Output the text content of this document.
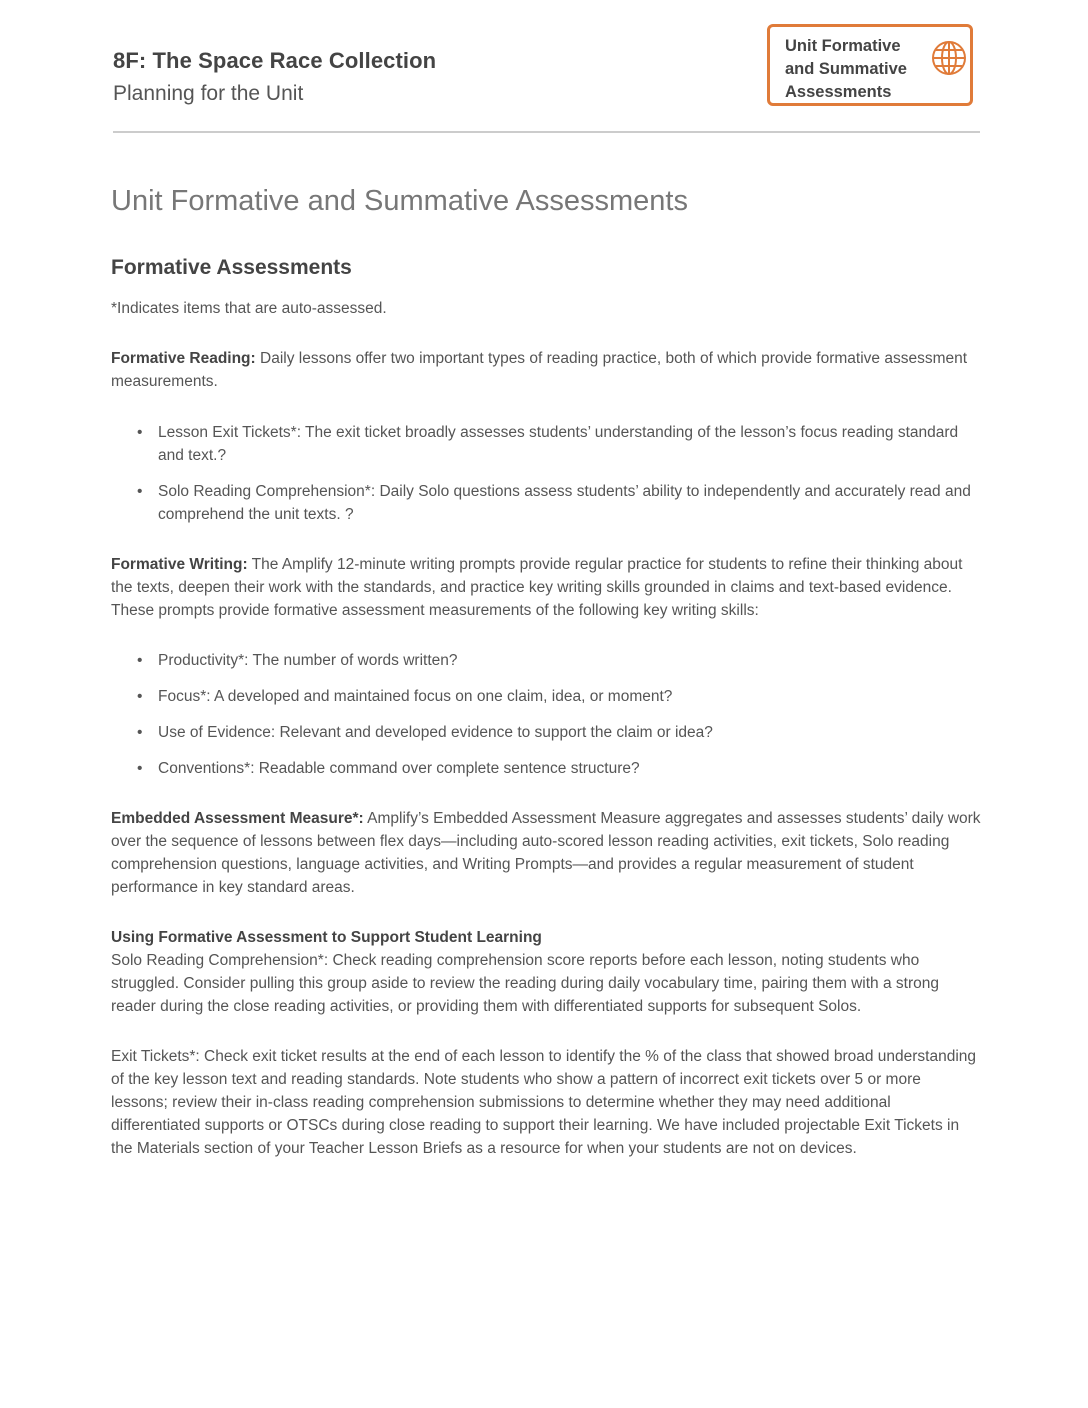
8F: The Space Race Collection
Planning for the Unit
Unit Formative and Summative Assessments
Unit Formative and Summative Assessments
Formative Assessments

*Indicates items that are auto-assessed.

Formative Reading: Daily lessons offer two important types of reading practice, both of which provide formative assessment measurements.

• Lesson Exit Tickets*: The exit ticket broadly assesses students’ understanding of the lesson’s focus reading standard and text.?
• Solo Reading Comprehension*: Daily Solo questions assess students’ ability to independently and accurately read and comprehend the unit texts. ?

Formative Writing: The Amplify 12-minute writing prompts provide regular practice for students to refine their thinking about the texts, deepen their work with the standards, and practice key writing skills grounded in claims and text-based evidence. These prompts provide formative assessment measurements of the following key writing skills:

• Productivity*: The number of words written?
• Focus*: A developed and maintained focus on one claim, idea, or moment?
• Use of Evidence: Relevant and developed evidence to support the claim or idea?
• Conventions*: Readable command over complete sentence structure?

Embedded Assessment Measure*: Amplify’s Embedded Assessment Measure aggregates and assesses students’ daily work over the sequence of lessons between flex days—including auto-scored lesson reading activities, exit tickets, Solo reading comprehension questions, language activities, and Writing Prompts—and provides a regular measurement of student performance in key standard areas.

Using Formative Assessment to Support Student Learning
Solo Reading Comprehension*: Check reading comprehension score reports before each lesson, noting students who struggled. Consider pulling this group aside to review the reading during daily vocabulary time, pairing them with a strong reader during the close reading activities, or providing them with differentiated supports for subsequent Solos.

Exit Tickets*: Check exit ticket results at the end of each lesson to identify the % of the class that showed broad understanding of the key lesson text and reading standards. Note students who show a pattern of incorrect exit tickets over 5 or more lessons; review their in-class reading comprehension submissions to determine whether they may need additional differentiated supports or OTSCs during close reading to support their learning. We have included projectable Exit Tickets in the Materials section of your Teacher Lesson Briefs as a resource for when your students are not on devices.
